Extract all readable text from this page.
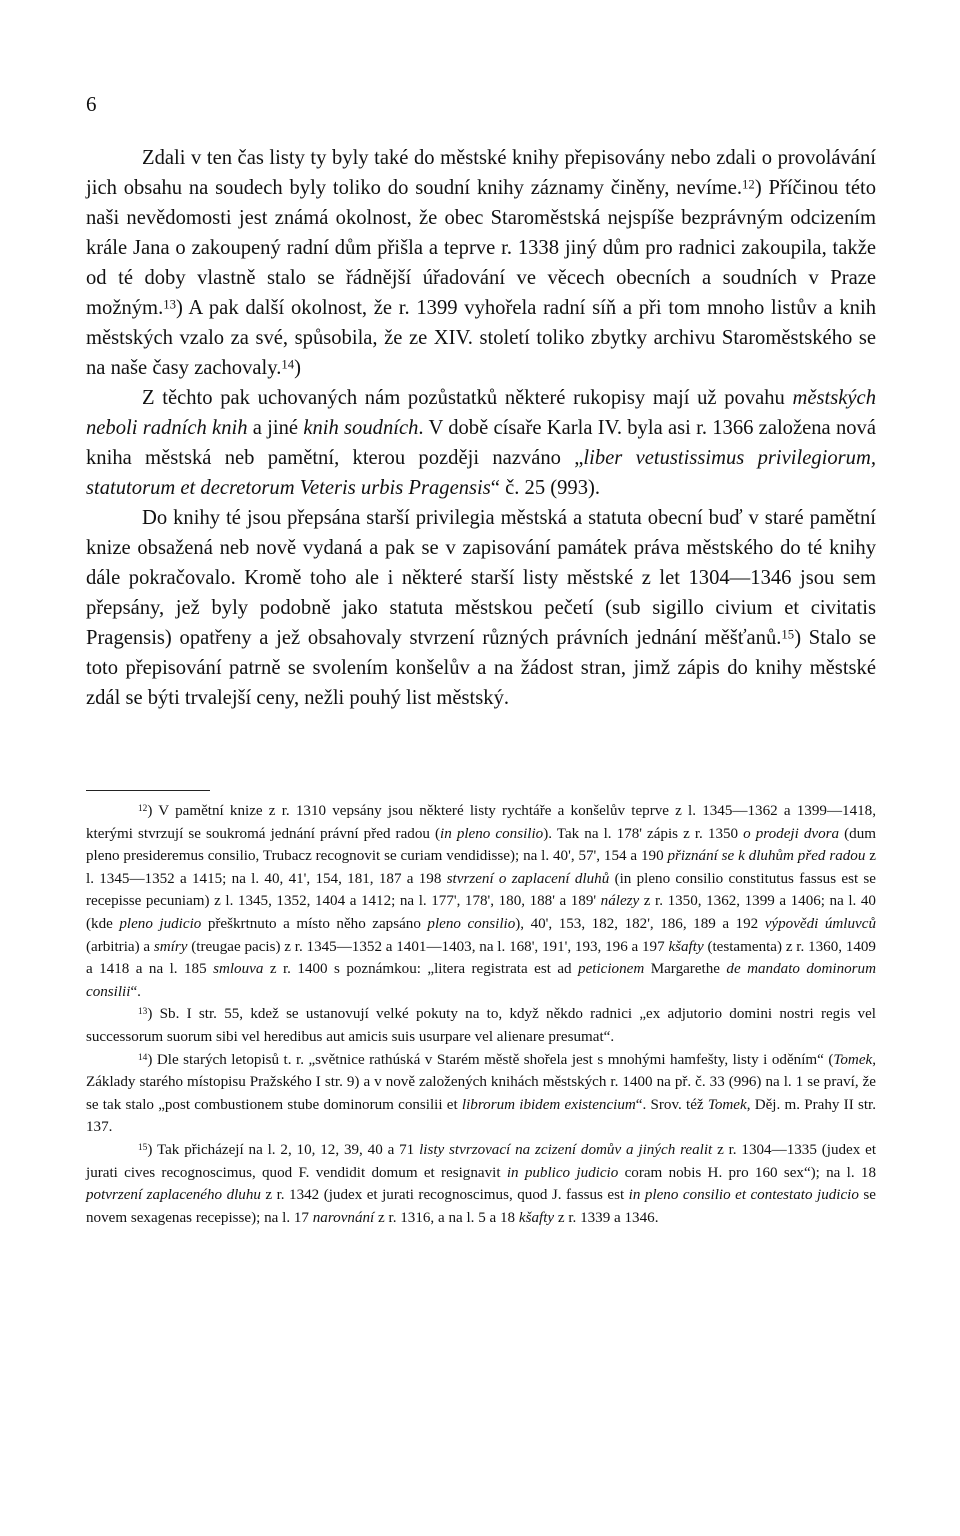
6

Zdali v ten čas listy ty byly také do městské knihy přepisovány nebo zdali o provolávání jich obsahu na soudech byly toliko do soudní knihy záznamy činěny, nevíme.$^{12}$) Příčinou této naši nevědomosti jest známá okolnost, že obec Staroměstská nejspíše bezprávným odcizením krále Jana o zakoupený radní dům přišla a teprve r. 1338 jiný dům pro radnici zakoupila, takže od té doby vlastně stalo se řádnější úřadování ve věcech obecních a soudních v Praze možným.$^{13}$) A pak další okolnost, že r. 1399 vyhořela radní síň a při tom mnoho listův a knih městských vzalo za své, spůsobila, že ze XIV. století toliko zbytky archivu Staroměstského se na naše časy zachovaly.$^{14}$)

Z těchto pak uchovaných nám pozůstatků některé rukopisy mají už povahu městských neboli radních knih a jiné knih soudních. V době císaře Karla IV. byla asi r. 1366 založena nová kniha městská neb pamětní, kterou později nazváno „liber vetustissimus privilegiorum, statutorum et decretorum Veteris urbis Pragensis“ č. 25 (993).

Do knihy té jsou přepsána starší privilegia městská a statuta obecní buď v staré pamětní knize obsažená neb nově vydaná a pak se v zapisování památek práva městského do té knihy dále pokračovalo. Kromě toho ale i některé starší listy městské z let 1304—1346 jsou sem přepsány, jež byly podobně jako statuta městskou pečetí (sub sigillo civium et civitatis Pragensis) opatřeny a jež obsahovaly stvrzení různých právních jednání měšťanů.$^{15}$) Stalo se toto přepisování patrně se svolením konšelův a na žádost stran, jimž zápis do knihy městské zdál se býti trvalejší ceny, nežli pouhý list městský.

$^{12}$) V pamětní knize z r. 1310 vepsány jsou některé listy rychtáře a konšelův teprve z l. 1345—1362 a 1399—1418, kterými stvrzují se soukromá jednání právní před radou (in pleno consilio). Tak na l. 178' zápis z r. 1350 o prodeji dvora (dum pleno presideremus consilio, Trubacz recognovit se curiam vendidisse); na l. 40', 57', 154 a 190 přiznání se k dluhům před radou z l. 1345—1352 a 1415; na l. 40, 41', 154, 181, 187 a 198 stvrzení o zaplacení dluhů (in pleno consilio constitutus fassus est se recepisse pecuniam) z l. 1345, 1352, 1404 a 1412; na l. 177', 178', 180, 188' a 189' nálezy z r. 1350, 1362, 1399 a 1406; na l. 40 (kde pleno judicio přeškrtnuto a místo něho zapsáno pleno consilio), 40', 153, 182, 182', 186, 189 a 192 výpovědi úmluvců (arbitria) a smíry (treugae pacis) z r. 1345—1352 a 1401—1403, na l. 168', 191', 193, 196 a 197 kšafty (testamenta) z r. 1360, 1409 a 1418 a na l. 185 smlouva z r. 1400 s poznámkou: „litera registrata est ad peticionem Margarethe de mandato dominorum consilii“.

$^{13}$) Sb. I str. 55, kdež se ustanovují velké pokuty na to, když někdo radnici „ex adjutorio domini nostri regis vel successorum suorum sibi vel heredibus aut amicis suis usurpare vel alienare presumat“.

$^{14}$) Dle starých letopisů t. r. „světnice rathúská v Starém městě shořela jest s mnohými hamfešty, listy i oděním“ (Tomek, Základy starého místopisu Pražského I str. 9) a v nově založených knihách městských r. 1400 na př. č. 33 (996) na l. 1 se praví, že se tak stalo „post combustionem stube dominorum consilii et librorum ibidem existencium“. Srov. též Tomek, Děj. m. Prahy II str. 137.

$^{15}$) Tak přicházejí na l. 2, 10, 12, 39, 40 a 71 listy stvrzovací na zcizení domův a jiných realit z r. 1304—1335 (judex et jurati cives recognoscimus, quod F. vendidit domum et resignavit in publico judicio coram nobis H. pro 160 sex“); na l. 18 potvrzení zaplaceného dluhu z r. 1342 (judex et jurati recognoscimus, quod J. fassus est in pleno consilio et contestato judicio se novem sexagenas recepisse); na l. 17 narovnání z r. 1316, a na l. 5 a 18 kšafty z r. 1339 a 1346.
